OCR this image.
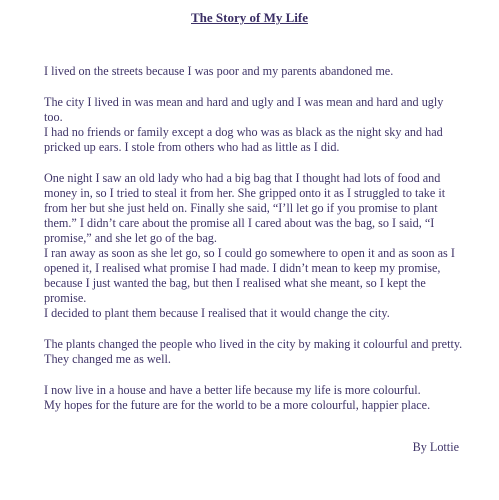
The Story of My Life

I lived on the streets because I was poor and my parents abandoned me.

The city I lived in was mean and hard and ugly and I was mean and hard and ugly too.

I had no friends or family except a dog who was as black as the night sky and had pricked up ears. I stole from others who had as little as I did.

One night I saw an old lady who had a big bag that I thought had lots of food and money in, so I tried to steal it from her. She gripped onto it as I struggled to take it from her but she just held on. Finally she said, “I’ll let go if you promise to plant them.” I didn’t care about the promise all I cared about was the bag, so I said, “I promise,” and she let go of the bag.

I ran away as soon as she let go, so I could go somewhere to open it and as soon as I opened it, I realised what promise I had made. I didn’t mean to keep my promise, because I just wanted the bag, but then I realised what she meant, so I kept the promise.

I decided to plant them because I realised that it would change the city.

The plants changed the people who lived in the city by making it colourful and pretty. They changed me as well.

I now live in a house and have a better life because my life is more colourful.

My hopes for the future are for the world to be a more colourful, happier place.

By Lottie
